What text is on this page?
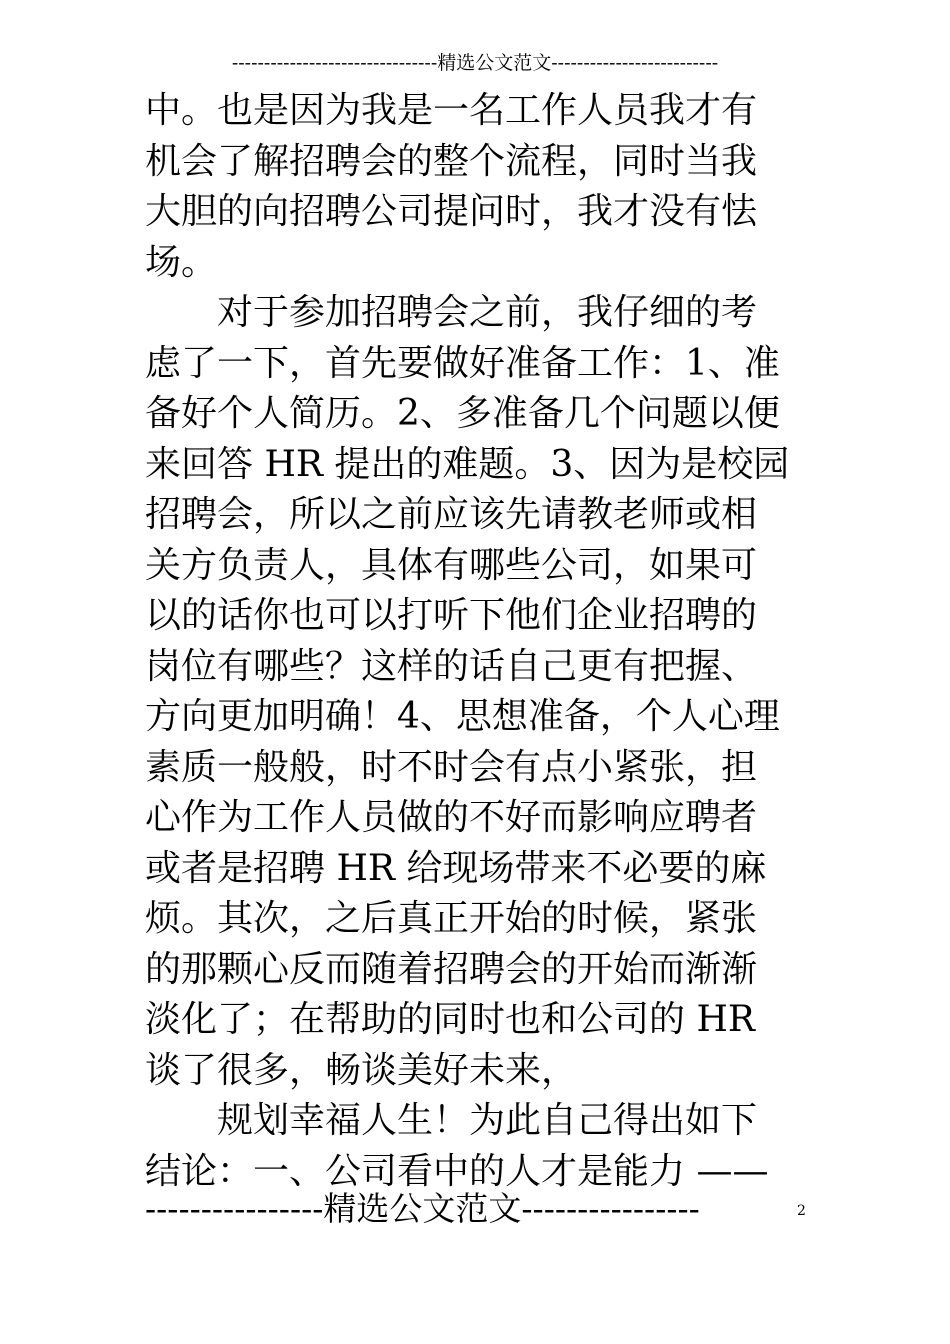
--------------------------------精选公文范文--------------------------
中。也是因为我是一名工作人员我才有
机会了解招聘会的整个流程，同时当我
大胆的向招聘公司提问时，我才没有怯
场。
　　对于参加招聘会之前，我仔细的考
虑了一下，首先要做好准备工作：1、准
备好个人简历。2、多准备几个问题以便
来回答 HR 提出的难题。3、因为是校园
招聘会，所以之前应该先请教老师或相
关方负责人，具体有哪些公司，如果可
以的话你也可以打听下他们企业招聘的
岗位有哪些？这样的话自己更有把握、
方向更加明确！4、思想准备，个人心理
素质一般般，时不时会有点小紧张，担
心作为工作人员做的不好而影响应聘者
或者是招聘 HR 给现场带来不必要的麻
烦。其次，之后真正开始的时候，紧张
的那颗心反而随着招聘会的开始而渐渐
淡化了；在帮助的同时也和公司的 HR
谈了很多，畅谈美好未来，
　　规划幸福人生！为此自己得出如下
结论：一、公司看中的人才是能力 ——
----------------精选公文范文----------------	2
